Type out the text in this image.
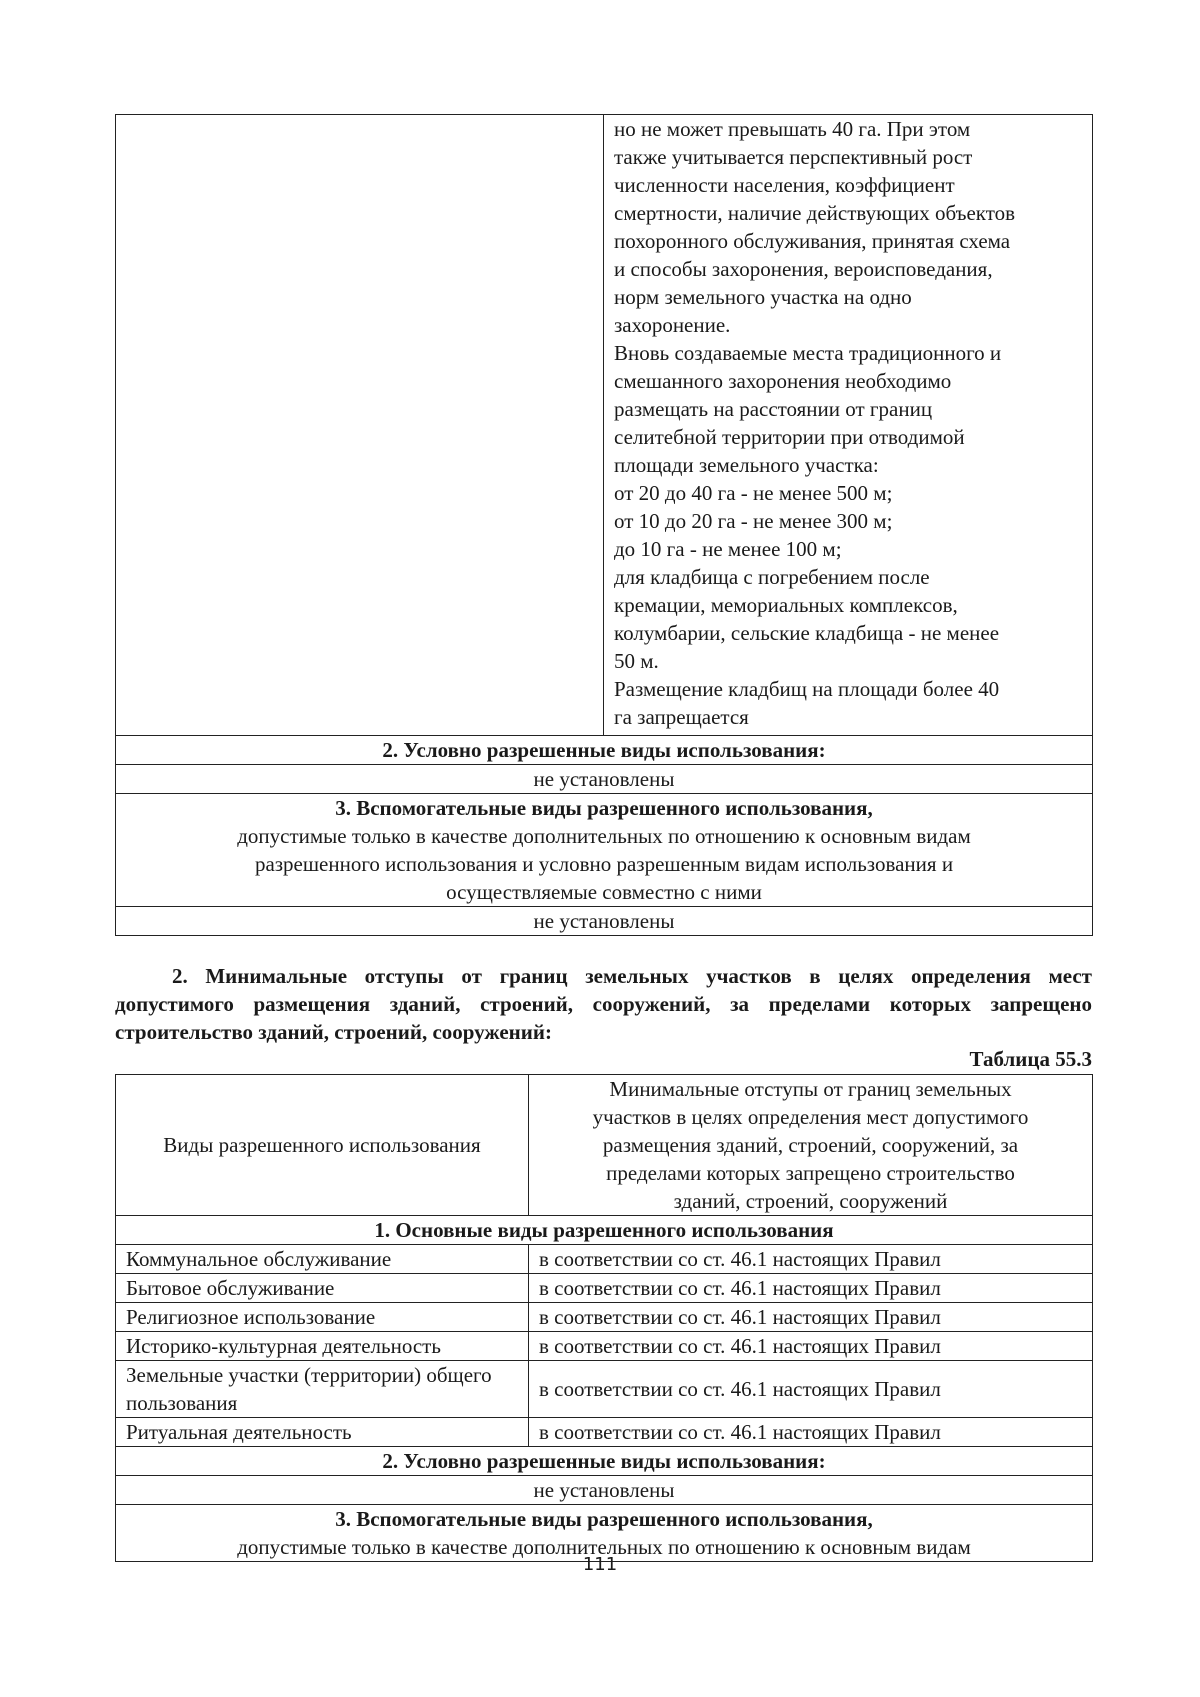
но не может превышать 40 га. При этом

также учитывается перспективный рост

численности населения, коэффициент

смертности, наличие действующих объектов

похоронного обслуживания, принятая схема

и способы захоронения, вероисповедания,

норм земельного участка на одно

захоронение.

Вновь создаваемые места традиционного и

смешанного захоронения необходимо

размещать на расстоянии от границ

селитебной территории при отводимой

площади земельного участка:

от 20 до 40 га - не менее 500 м;

от 10 до 20 га - не менее 300 м;

до 10 га - не менее 100 м;

для кладбища с погребением после

кремации, мемориальных комплексов,

колумбарии, сельские кладбища - не менее

50 м.

Размещение кладбищ на площади более 40

га запрещается

2. Условно разрешенные виды использования:
не установлены

3. Вспомогательные виды разрешенного использования,
допустимые только в качестве дополнительных по отношению к основным видам
разрешенного использования и условно разрешенным видам использования и
осуществляемые совместно с ними

не установлены

2. Минимальные отступы от границ земельных участков в целях определения мест допустимого размещения зданий, строений, сооружений, за пределами которых запрещено строительство зданий, строений, сооружений:

Таблица 55.3
Виды разрешенного использования	Минимальные отступы от границ земельных
участков в целях определения мест допустимого
размещения зданий, строений, сооружений, за
пределами которых запрещено строительство
зданий, строений, сооружений

1. Основные виды разрешенного использования	
Коммунальное обслуживание	в соответствии со ст. 46.1 настоящих Правил
Бытовое обслуживание	в соответствии со ст. 46.1 настоящих Правил
Религиозное использование	в соответствии со ст. 46.1 настоящих Правил
Историко-культурная деятельность	в соответствии со ст. 46.1 настоящих Правил
Земельные участки (территории) общего пользования	в соответствии со ст. 46.1 настоящих Правил
Ритуальная деятельность	в соответствии со ст. 46.1 настоящих Правил
2. Условно разрешенные виды использования:	
не установлены	

3. Вспомогательные виды разрешенного использования,
допустимые только в качестве дополнительных по отношению к основным видам	
111
